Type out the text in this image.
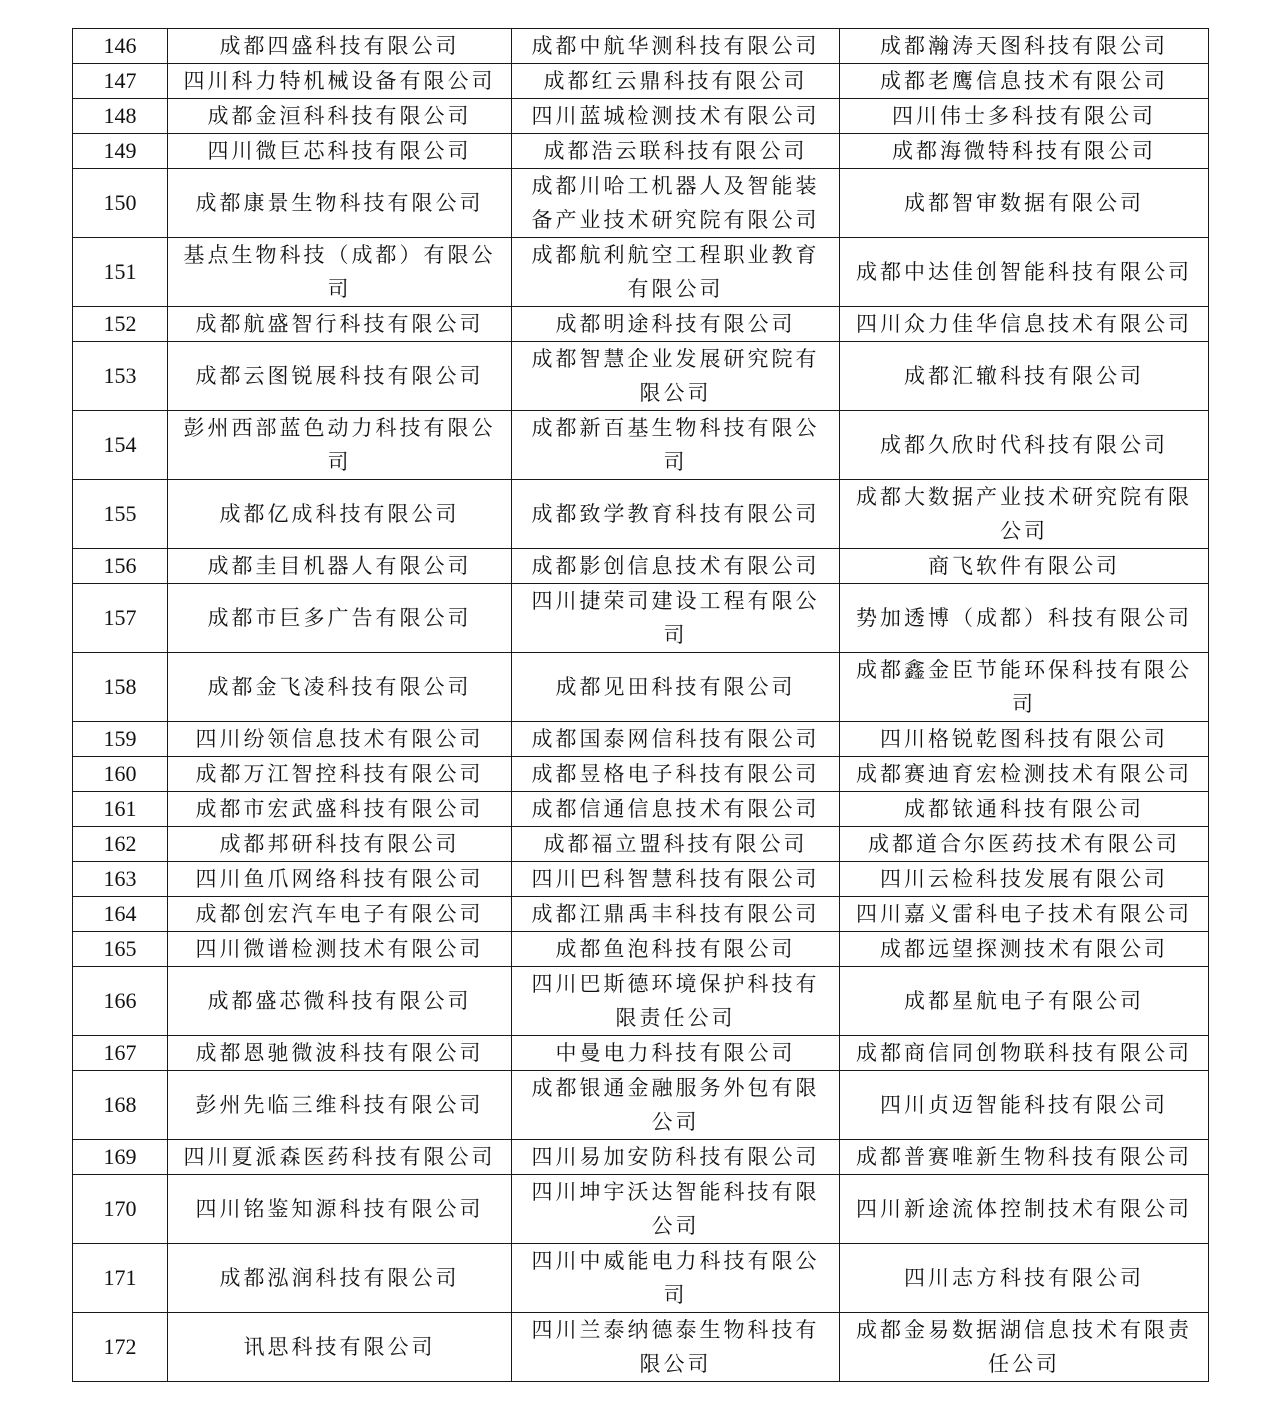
146	成都四盛科技有限公司	成都中航华测科技有限公司	成都瀚涛天图科技有限公司
147	四川科力特机械设备有限公司	成都红云鼎科技有限公司	成都老鹰信息技术有限公司
148	成都金洹科科技有限公司	四川蓝城检测技术有限公司	四川伟士多科技有限公司
149	四川微巨芯科技有限公司	成都浩云联科技有限公司	成都海微特科技有限公司
150	成都康景生物科技有限公司	成都川哈工机器人及智能装备产业技术研究院有限公司	成都智审数据有限公司
151	基点生物科技（成都）有限公司	成都航利航空工程职业教育有限公司	成都中达佳创智能科技有限公司
152	成都航盛智行科技有限公司	成都明途科技有限公司	四川众力佳华信息技术有限公司
153	成都云图锐展科技有限公司	成都智慧企业发展研究院有限公司	成都汇辙科技有限公司
154	彭州西部蓝色动力科技有限公司	成都新百基生物科技有限公司	成都久欣时代科技有限公司
155	成都亿成科技有限公司	成都致学教育科技有限公司	成都大数据产业技术研究院有限公司
156	成都圭目机器人有限公司	成都影创信息技术有限公司	商飞软件有限公司
157	成都市巨多广告有限公司	四川捷荣司建设工程有限公司	势加透博（成都）科技有限公司
158	成都金飞凌科技有限公司	成都见田科技有限公司	成都鑫金臣节能环保科技有限公司
159	四川纷领信息技术有限公司	成都国泰网信科技有限公司	四川格锐乾图科技有限公司
160	成都万江智控科技有限公司	成都昱格电子科技有限公司	成都赛迪育宏检测技术有限公司
161	成都市宏武盛科技有限公司	成都信通信息技术有限公司	成都铱通科技有限公司
162	成都邦研科技有限公司	成都福立盟科技有限公司	成都道合尔医药技术有限公司
163	四川鱼爪网络科技有限公司	四川巴科智慧科技有限公司	四川云检科技发展有限公司
164	成都创宏汽车电子有限公司	成都江鼎禹丰科技有限公司	四川嘉义雷科电子技术有限公司
165	四川微谱检测技术有限公司	成都鱼泡科技有限公司	成都远望探测技术有限公司
166	成都盛芯微科技有限公司	四川巴斯德环境保护科技有限责任公司	成都星航电子有限公司
167	成都恩驰微波科技有限公司	中曼电力科技有限公司	成都商信同创物联科技有限公司
168	彭州先临三维科技有限公司	成都银通金融服务外包有限公司	四川贞迈智能科技有限公司
169	四川夏派森医药科技有限公司	四川易加安防科技有限公司	成都普赛唯新生物科技有限公司
170	四川铭鉴知源科技有限公司	四川坤宇沃达智能科技有限公司	四川新途流体控制技术有限公司
171	成都泓润科技有限公司	四川中威能电力科技有限公司	四川志方科技有限公司
172	讯思科技有限公司	四川兰泰纳德泰生物科技有限公司	成都金易数据湖信息技术有限责任公司
